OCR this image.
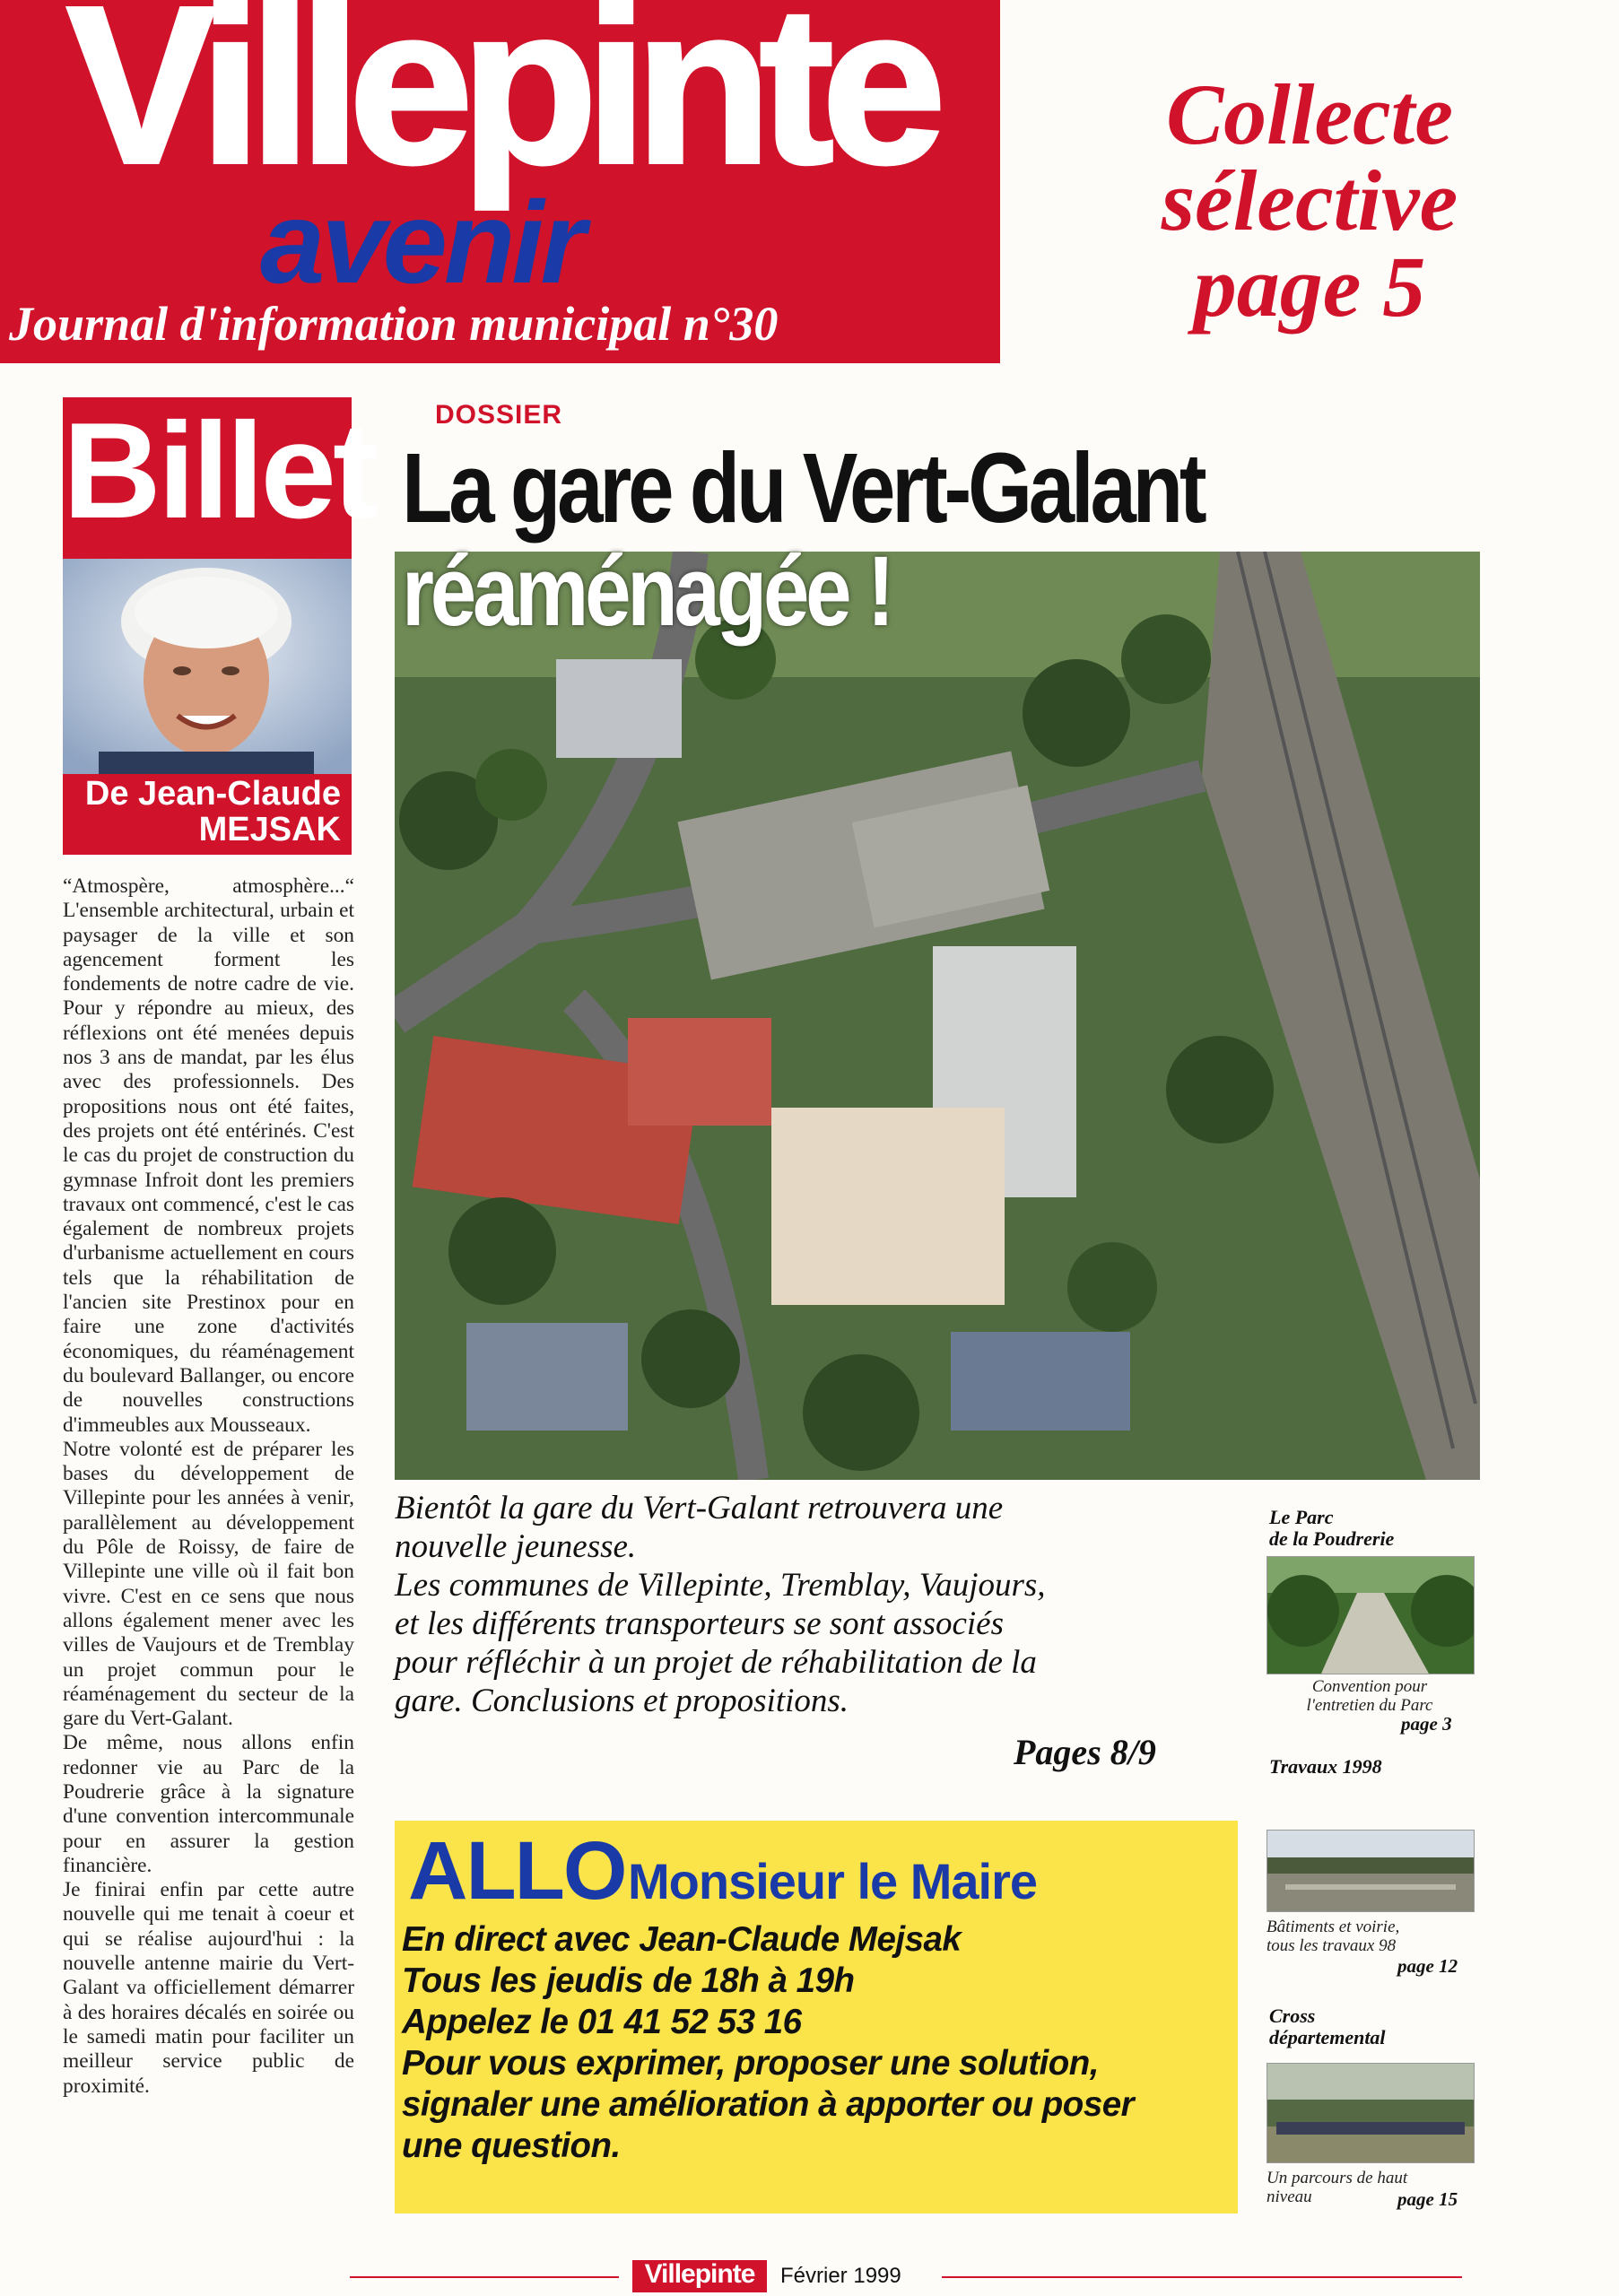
Villepinte
avenir
Journal d'information municipal n°30
Collecte
sélective
page 5
Billet
De Jean-Claude
MEJSAK

“Atmospère, atmosphère...“ L'ensemble architectural, urbain et paysager de la ville et son agencement forment les fondements de notre cadre de vie. Pour y répondre au mieux, des réflexions ont été menées depuis nos 3 ans de mandat, par les élus avec des professionnels. Des propositions nous ont été faites, des projets ont été entérinés. C'est le cas du projet de construction du gymnase Infroit dont les premiers travaux ont commencé, c'est le cas également de nombreux projets d'urbanisme actuellement en cours tels que la réhabilitation de l'ancien site Prestinox pour en faire une zone d'activités économiques, du réaménagement du boulevard Ballanger, ou encore de nouvelles constructions d'immeubles aux Mousseaux.

Notre volonté est de préparer les bases du développement de Villepinte pour les années à venir, parallèlement au développement du Pôle de Roissy, de faire de Villepinte une ville où il fait bon vivre. C'est en ce sens que nous allons également mener avec les villes de Vaujours et de Tremblay un projet commun pour le réaménagement du secteur de la gare du Vert-Galant.

De même, nous allons enfin redonner vie au Parc de la Poudrerie grâce à la signature d'une convention intercommunale pour en assurer la gestion financière.

Je finirai enfin par cette autre nouvelle qui me tenait à coeur et qui se réalise aujourd'hui : la nouvelle antenne mairie du Vert-Galant va officiellement démarrer à des horaires décalés en soirée ou le samedi matin pour faciliter un meilleur service public de proximité.

DOSSIER
La gare du Vert-Galant
réaménagée !
Bientôt la gare du Vert-Galant retrouvera une
nouvelle jeunesse.
Les communes de Villepinte, Tremblay, Vaujours,
et les différents transporteurs se sont associés
pour réfléchir à un projet de réhabilitation de la
gare. Conclusions et propositions.
Pages 8/9
ALLO Monsieur le Maire
En direct avec Jean-Claude Mejsak
Tous les jeudis de 18h à 19h
Appelez le 01 41 52 53 16
Pour vous exprimer, proposer une solution,
signaler une amélioration à apporter ou poser
une question.
Le Parc
de la Poudrerie
Convention pour
l'entretien du Parc
page 3
Travaux 1998
Bâtiments et voirie,
tous les travaux 98
page 12
Cross
départemental
Un parcours de haut
niveau	page 15
Villepinte	Février 1999
